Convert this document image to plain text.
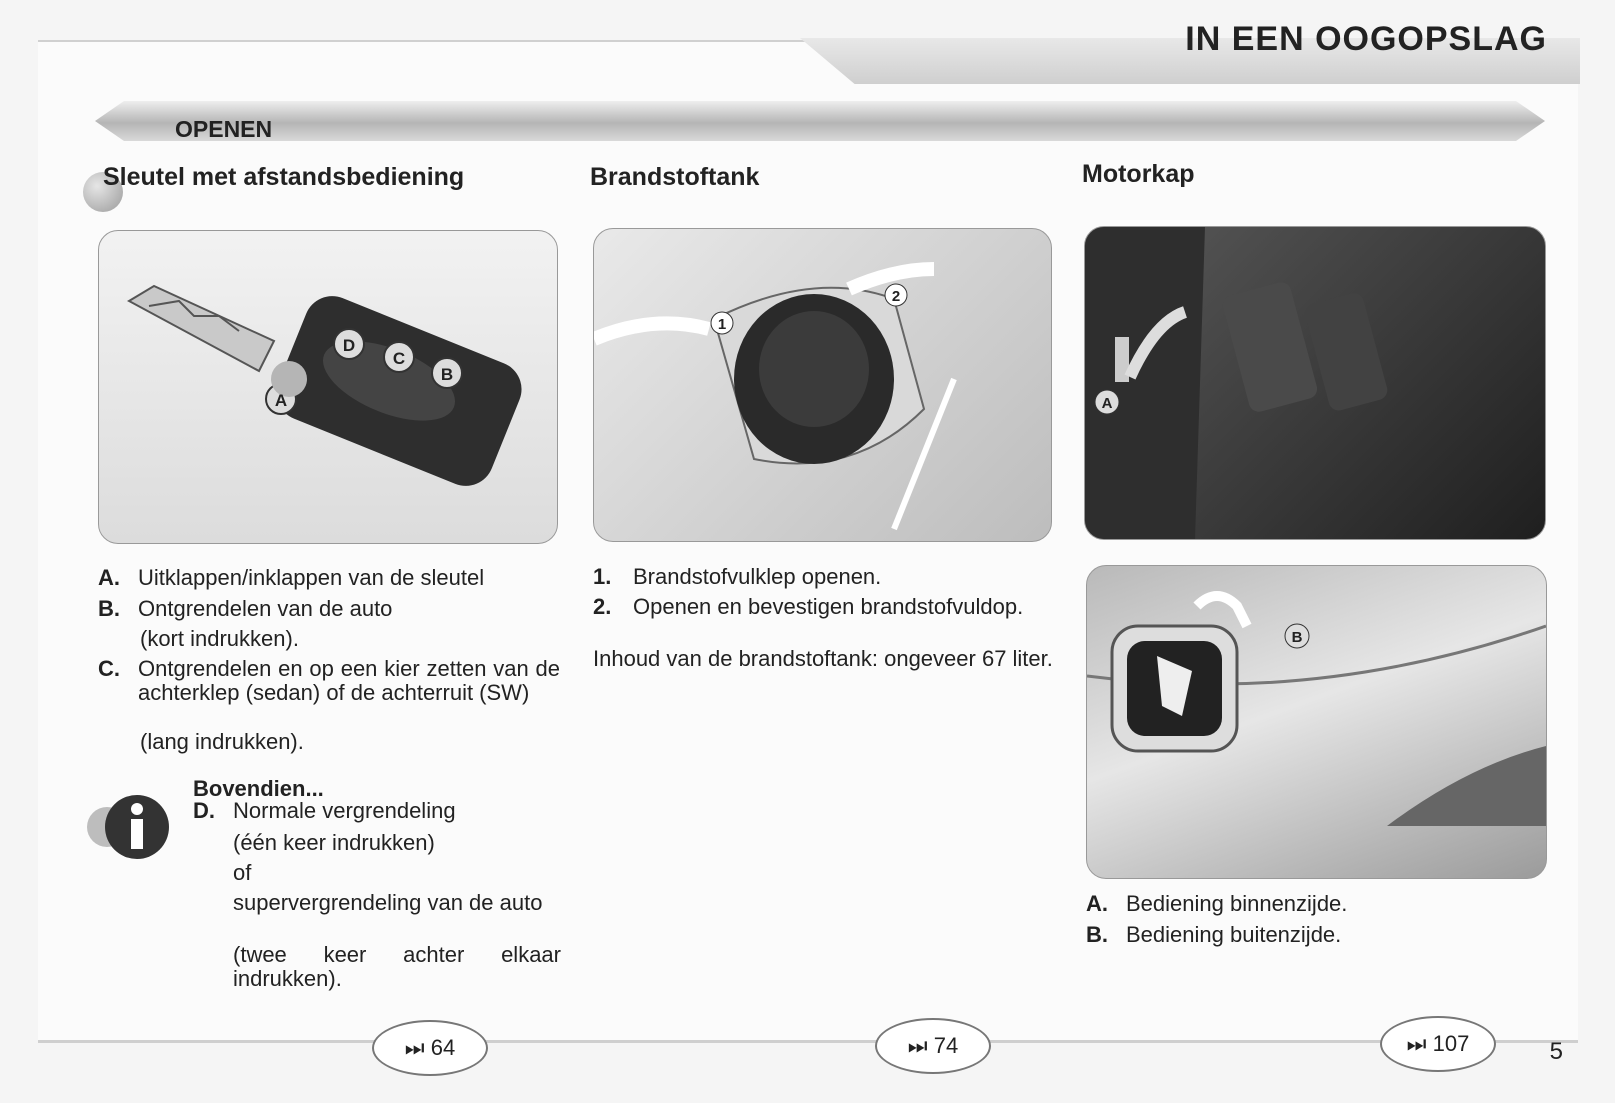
IN EEN OOGOPSLAG
OPENEN
Sleutel met afstandsbediening
D
C
B
A
A. Uitklappen/inklappen van de sleutel
B. Ontgrendelen van de auto
(kort indrukken).
C. Ontgrendelen en op een kier zetten van de achterklep (sedan) of de achterruit (SW)
(lang indrukken).
Bovendien...
D. Normale vergrendeling
(één keer indrukken)
of
supervergrendeling van de auto
(twee keer achter elkaar indrukken).
Brandstoftank
1
2
1. Brandstofvulklep openen.
2. Openen en bevestigen brandstofvuldop.
Inhoud van de brandstoftank: ongeveer 67 liter.
Motorkap
A
B
A. Bediening binnenzijde.
B. Bediening buitenzijde.
⏭
64	⏭
74	⏭
107	5
